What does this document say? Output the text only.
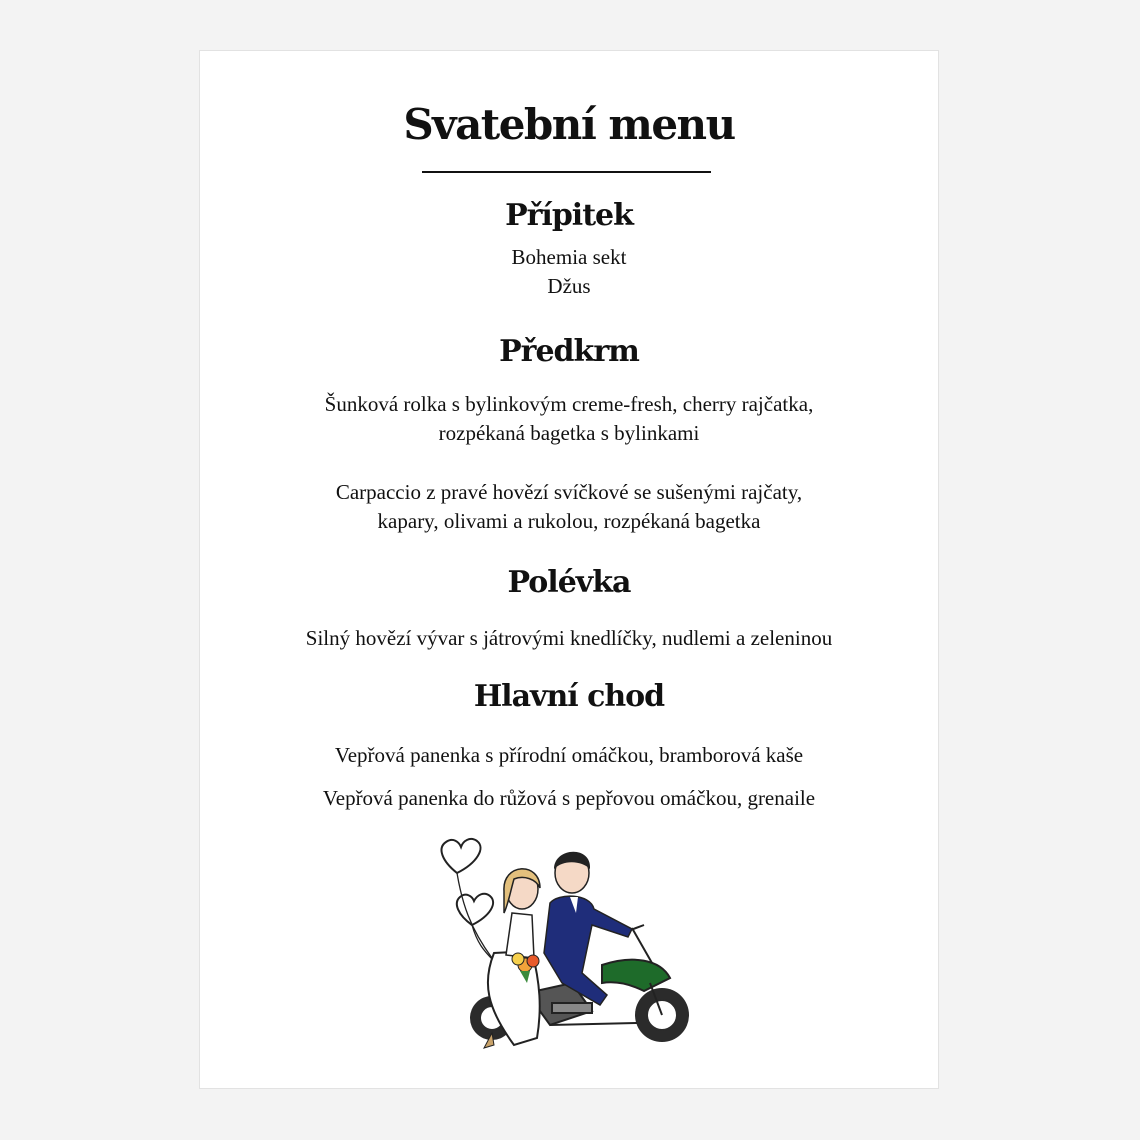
Svatební menu
Přípitek
Bohemia sekt
Džus
Předkrm
Šunková rolka s bylinkovým creme-fresh, cherry rajčatka,
rozpékaná bagetka s bylinkami
Carpaccio z pravé hovězí svíčkové se sušenými rajčaty,
kapary, olivami a rukolou, rozpékaná bagetka
Polévka
Silný hovězí vývar s játrovými knedlíčky, nudlemi a zeleninou
Hlavní chod
Vepřová panenka s přírodní omáčkou, bramborová kaše
Vepřová panenka do růžová s pepřovou omáčkou, grenaile
